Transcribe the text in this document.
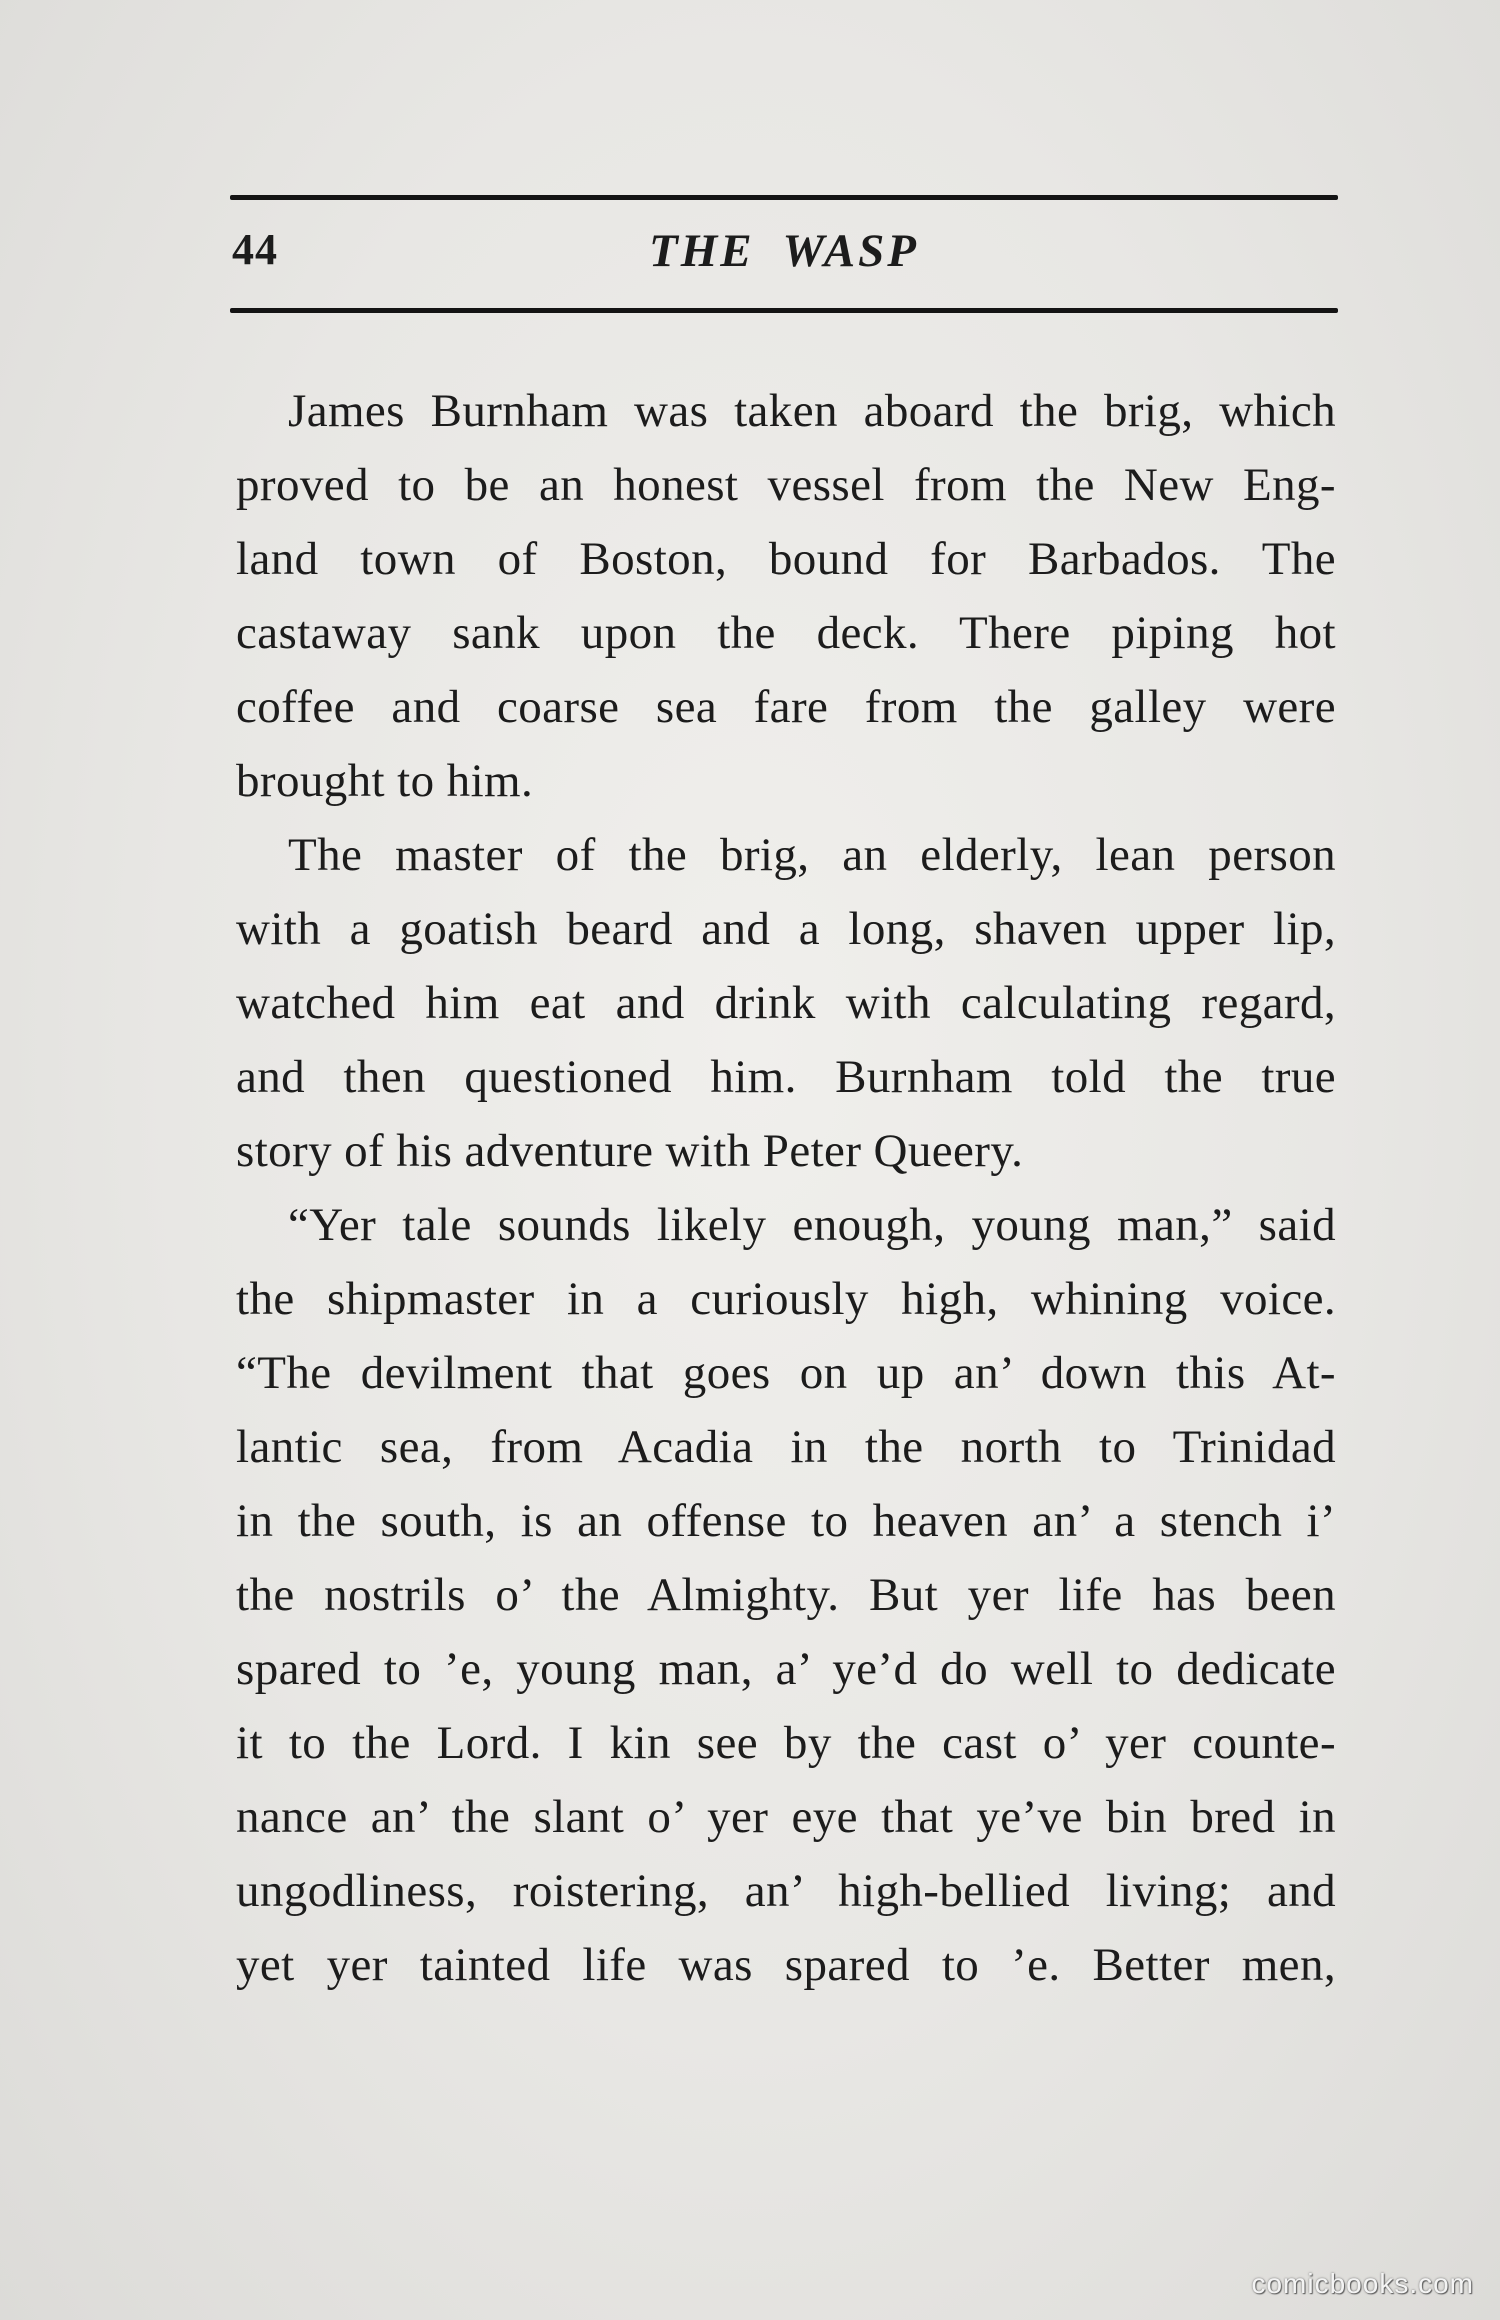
44	THE WASP
James Burnham was taken aboard the brig, which
proved to be an honest vessel from the New Eng-
land town of Boston, bound for Barbados. The
castaway sank upon the deck. There piping hot
coffee and coarse sea fare from the galley were
brought to him.
The master of the brig, an elderly, lean person
with a goatish beard and a long, shaven upper lip,
watched him eat and drink with calculating regard,
and then questioned him. Burnham told the true
story of his adventure with Peter Queery.
“Yer tale sounds likely enough, young man,” said
the shipmaster in a curiously high, whining voice.
“The devilment that goes on up an’ down this At-
lantic sea, from Acadia in the north to Trinidad
in the south, is an offense to heaven an’ a stench i’
the nostrils o’ the Almighty. But yer life has been
spared to ’e, young man, a’ ye’d do well to dedicate
it to the Lord. I kin see by the cast o’ yer counte-
nance an’ the slant o’ yer eye that ye’ve bin bred in
ungodliness, roistering, an’ high-bellied living; and
yet yer tainted life was spared to ’e. Better men,
comicbooks.com
